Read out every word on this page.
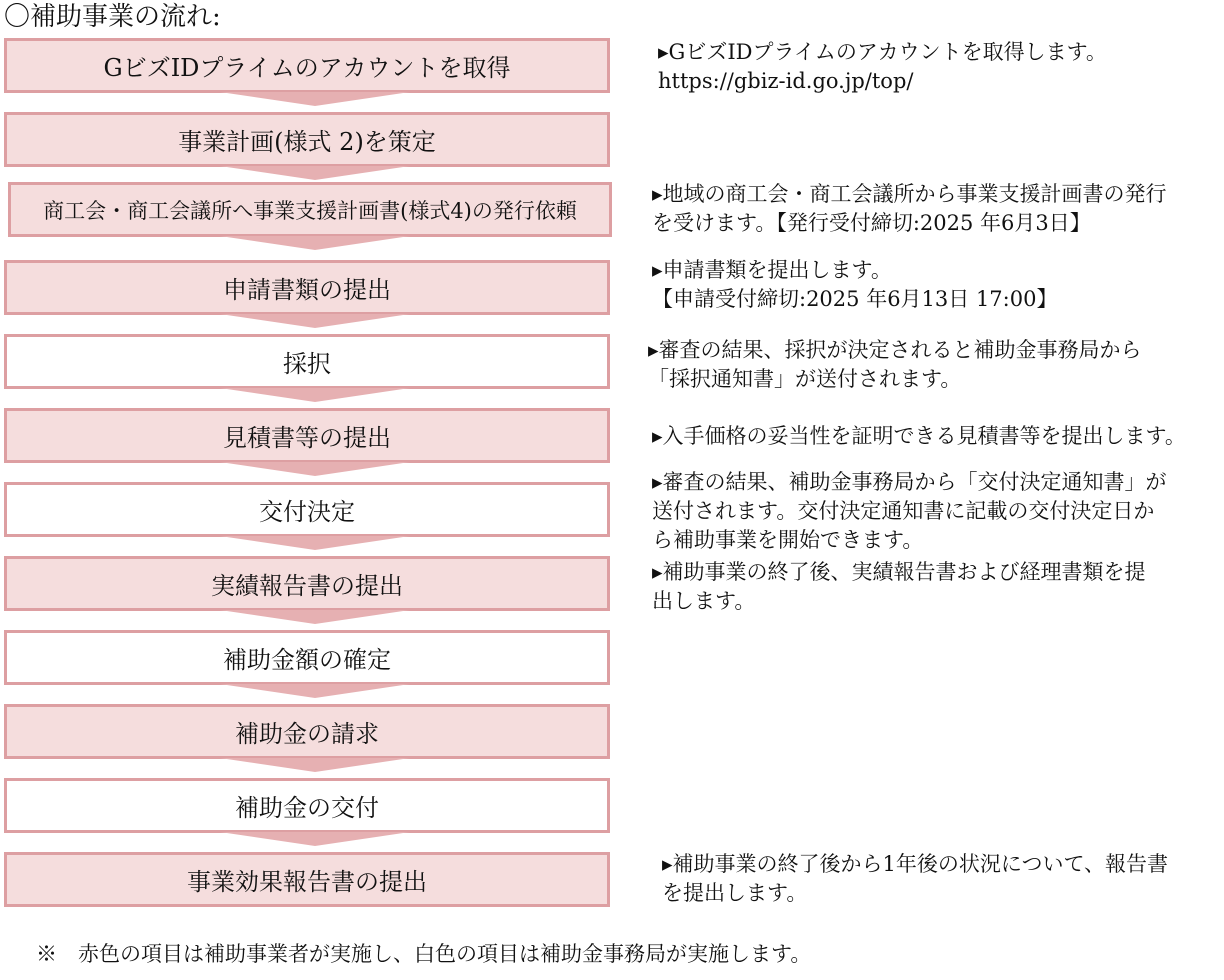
〇補助事業の流れ:
GビズIDプライムのアカウントを取得
事業計画(様式 2)を策定
商工会・商工会議所へ事業支援計画書(様式4)の発行依頼
申請書類の提出
採択
見積書等の提出
交付決定
実績報告書の提出
補助金額の確定
補助金の請求
補助金の交付
事業効果報告書の提出
▸GビズIDプライムのアカウントを取得します。
https://gbiz-id.go.jp/top/
▸地域の商工会・商工会議所から事業支援計画書の発行
を受けます。【発行受付締切:2025 年6月3日】
▸申請書類を提出します。
【申請受付締切:2025 年6月13日 17:00】
▸審査の結果、採択が決定されると補助金事務局から
「採択通知書」が送付されます。
▸入手価格の妥当性を証明できる見積書等を提出します。
▸審査の結果、補助金事務局から「交付決定通知書」が
送付されます。交付決定通知書に記載の交付決定日か
ら補助事業を開始できます。
▸補助事業の終了後、実績報告書および経理書類を提
出します。
▸補助事業の終了後から1年後の状況について、報告書
を提出します。
※　赤色の項目は補助事業者が実施し、白色の項目は補助金事務局が実施します。
